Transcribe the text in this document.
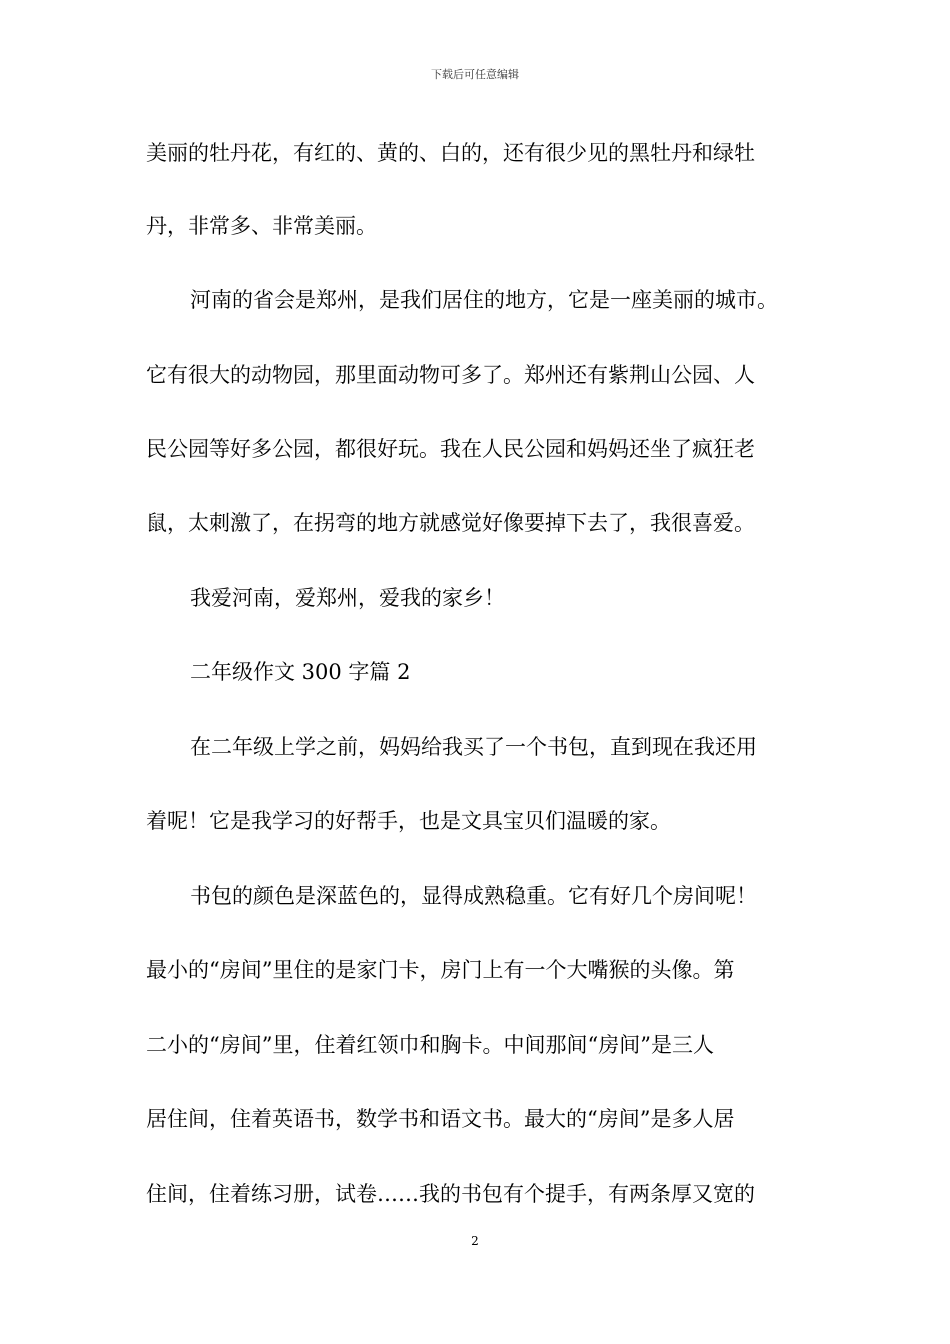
下载后可任意编辑
美丽的牡丹花，有红的、黄的、白的，还有很少见的黑牡丹和绿牡
丹，非常多、非常美丽。
河南的省会是郑州，是我们居住的地方，它是一座美丽的城市。
它有很大的动物园，那里面动物可多了。郑州还有紫荆山公园、人
民公园等好多公园，都很好玩。我在人民公园和妈妈还坐了疯狂老
鼠，太刺激了，在拐弯的地方就感觉好像要掉下去了，我很喜爱。
我爱河南，爱郑州，爱我的家乡！
二年级作文 300 字篇 2
在二年级上学之前，妈妈给我买了一个书包，直到现在我还用
着呢！它是我学习的好帮手，也是文具宝贝们温暖的家。
书包的颜色是深蓝色的，显得成熟稳重。它有好几个房间呢！
最小的“房间”里住的是家门卡，房门上有一个大嘴猴的头像。第
二小的“房间”里，住着红领巾和胸卡。中间那间“房间”是三人
居住间，住着英语书，数学书和语文书。最大的“房间”是多人居
住间，住着练习册，试卷……我的书包有个提手，有两条厚又宽的
2
